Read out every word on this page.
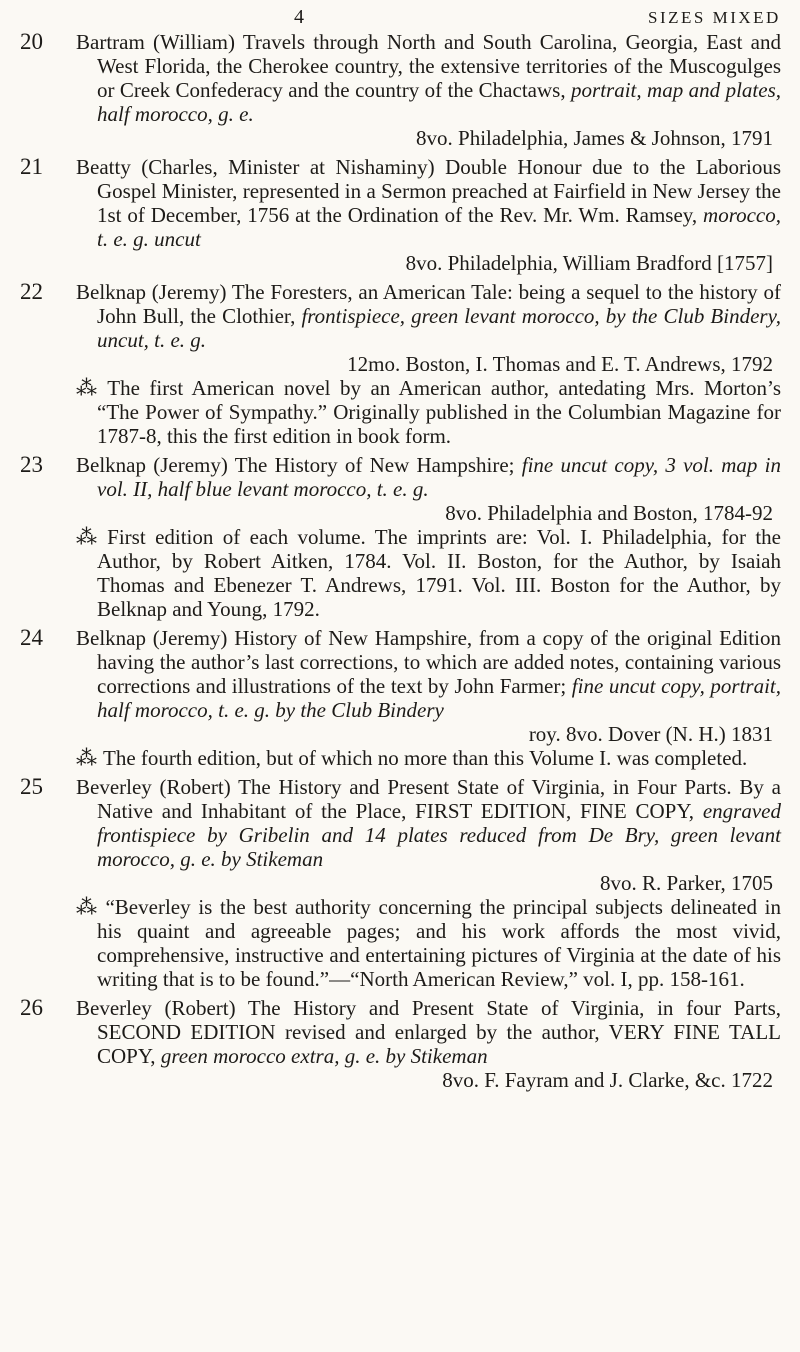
4	SIZES MIXED
20 Bartram (William) Travels through North and South Carolina, Georgia, East and West Florida, the Cherokee country, the extensive territories of the Muscogulges or Creek Confederacy and the country of the Chactaws, portrait, map and plates, half morocco, g. e.
8vo. Philadelphia, James & Johnson, 1791
21 Beatty (Charles, Minister at Nishaminy) Double Honour due to the Laborious Gospel Minister, represented in a Sermon preached at Fairfield in New Jersey the 1st of December, 1756 at the Ordination of the Rev. Mr. Wm. Ramsey, morocco, t. e. g. uncut
8vo. Philadelphia, William Bradford [1757]
22 Belknap (Jeremy) The Foresters, an American Tale: being a sequel to the history of John Bull, the Clothier, frontispiece, green levant morocco, by the Club Bindery, uncut, t. e. g.
12mo. Boston, I. Thomas and E. T. Andrews, 1792
⁂ The first American novel by an American author, antedating Mrs. Morton’s “The Power of Sympathy.” Originally published in the Columbian Magazine for 1787-8, this the first edition in book form.
23 Belknap (Jeremy) The History of New Hampshire; fine uncut copy, 3 vol. map in vol. II, half blue levant morocco, t. e. g.
8vo. Philadelphia and Boston, 1784-92
⁂ First edition of each volume. The imprints are: Vol. I. Philadelphia, for the Author, by Robert Aitken, 1784. Vol. II. Boston, for the Author, by Isaiah Thomas and Ebenezer T. Andrews, 1791. Vol. III. Boston for the Author, by Belknap and Young, 1792.
24 Belknap (Jeremy) History of New Hampshire, from a copy of the original Edition having the author’s last corrections, to which are added notes, containing various corrections and illustrations of the text by John Farmer; fine uncut copy, portrait, half morocco, t. e. g. by the Club Bindery
roy. 8vo. Dover (N. H.) 1831
⁂ The fourth edition, but of which no more than this Volume I. was completed.
25 Beverley (Robert) The History and Present State of Virginia, in Four Parts. By a Native and Inhabitant of the Place, FIRST EDITION, FINE COPY, engraved frontispiece by Gribelin and 14 plates reduced from De Bry, green levant morocco, g. e. by Stikeman
8vo. R. Parker, 1705
⁂ “Beverley is the best authority concerning the principal subjects delineated in his quaint and agreeable pages; and his work affords the most vivid, comprehensive, instructive and entertaining pictures of Virginia at the date of his writing that is to be found.”—“North American Review,” vol. I, pp. 158-161.
26 Beverley (Robert) The History and Present State of Virginia, in four Parts, SECOND EDITION revised and enlarged by the author, VERY FINE TALL COPY, green morocco extra, g. e. by Stikeman
8vo. F. Fayram and J. Clarke, &c. 1722
